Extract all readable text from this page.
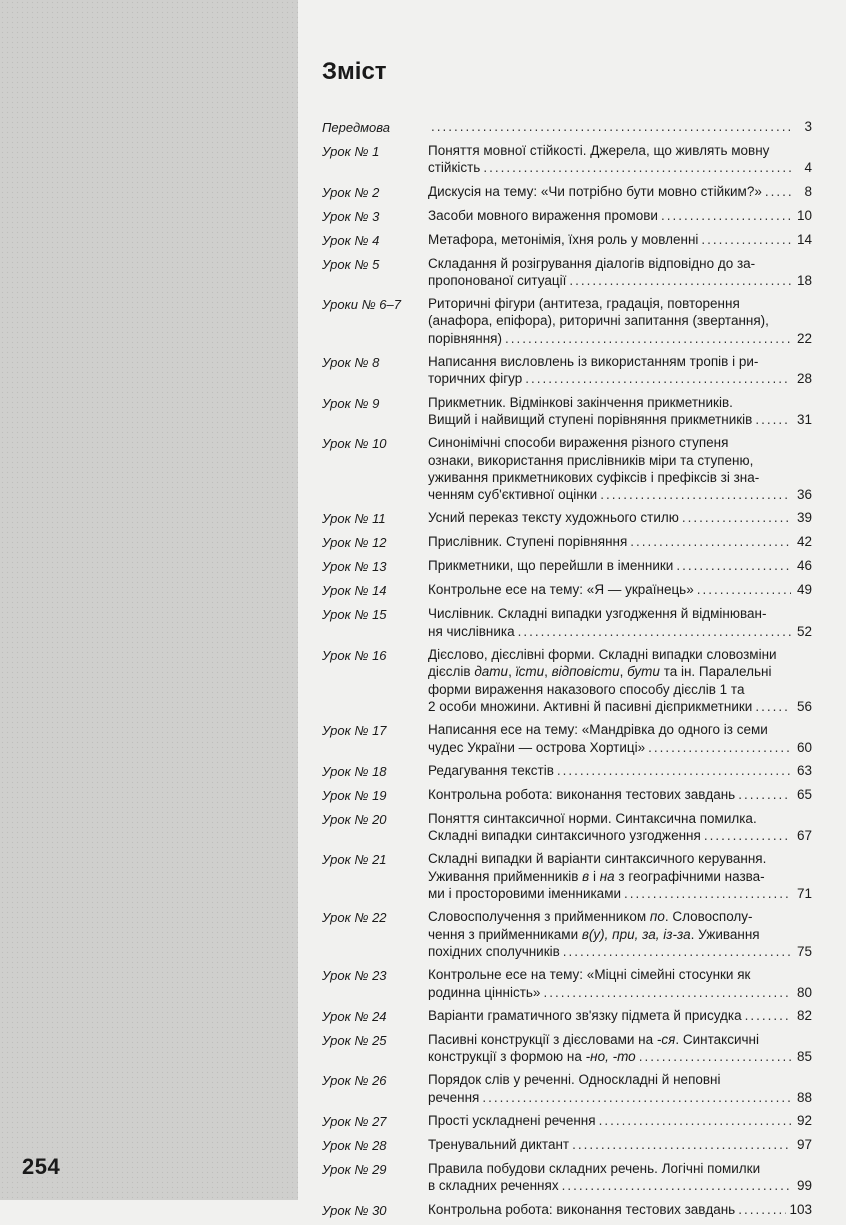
Зміст
Передмова .....	3
Урок № 1	Поняття мовної стійкості. Джерела, що живлять мовну
стійкість .....	4
Урок № 2	Дискусія на тему: «Чи потрібно бути мовно стійким?» .....	8
Урок № 3	Засоби мовного вираження промови .....	10
Урок № 4	Метафора, метонімія, їхня роль у мовленні .....	14
Урок № 5	Складання й розігрування діалогів відповідно до за-
пропонованої ситуації .....	18
Уроки № 6–7	Риторичні фігури (антитеза, градація, повторення
(анафора, епіфора), риторичні запитання (звертання),
порівняння) .....	22
Урок № 8	Написання висловлень із використанням тропів і ри-
торичних фігур .....	28
Урок № 9	Прикметник. Відмінкові закінчення прикметників.
Вищий і найвищий ступені порівняння прикметників .....	31
Урок № 10	Синонімічні способи вираження різного ступеня
ознаки, використання прислівників міри та ступеню,
уживання прикметникових суфіксів і префіксів зі зна-
ченням суб'єктивної оцінки .....	36
Урок № 11	Усний переказ тексту художнього стилю .....	39
Урок № 12	Прислівник. Ступені порівняння .....	42
Урок № 13	Прикметники, що перейшли в іменники .....	46
Урок № 14	Контрольне есе на тему: «Я — українець» .....	49
Урок № 15	Числівник. Складні випадки узгодження й відмінюван-
ня числівника .....	52
Урок № 16	Дієслово, дієслівні форми. Складні випадки словозміни
дієслів дати, їсти, відповісти, бути та ін. Паралельні
форми вираження наказового способу дієслів 1 та
2 особи множини. Активні й пасивні дієприкметники .....	56
Урок № 17	Написання есе на тему: «Мандрівка до одного із семи
чудес України — острова Хортиці» .....	60
Урок № 18	Редагування текстів .....	63
Урок № 19	Контрольна робота: виконання тестових завдань .....	65
Урок № 20	Поняття синтаксичної норми. Синтаксична помилка.
Складні випадки синтаксичного узгодження .....	67
Урок № 21	Складні випадки й варіанти синтаксичного керування.
Уживання прийменників в і на з географічними назва-
ми і просторовими іменниками .....	71
Урок № 22	Словосполучення з прийменником по. Словосполу-
чення з прийменниками в(у), при, за, із-за. Уживання
похідних сполучників .....	75
Урок № 23	Контрольне есе на тему: «Міцні сімейні стосунки як
родинна цінність» .....	80
Урок № 24	Варіанти граматичного зв'язку підмета й присудка .....	82
Урок № 25	Пасивні конструкції з дієсловами на -ся. Синтаксичні
конструкції з формою на -но, -то .....	85
Урок № 26	Порядок слів у реченні. Односкладні й неповні
речення .....	88
Урок № 27	Прості ускладнені речення .....	92
Урок № 28	Тренувальний диктант .....	97
Урок № 29	Правила побудови складних речень. Логічні помилки
в складних реченнях .....	99
Урок № 30	Контрольна робота: виконання тестових завдань .....	103
254
